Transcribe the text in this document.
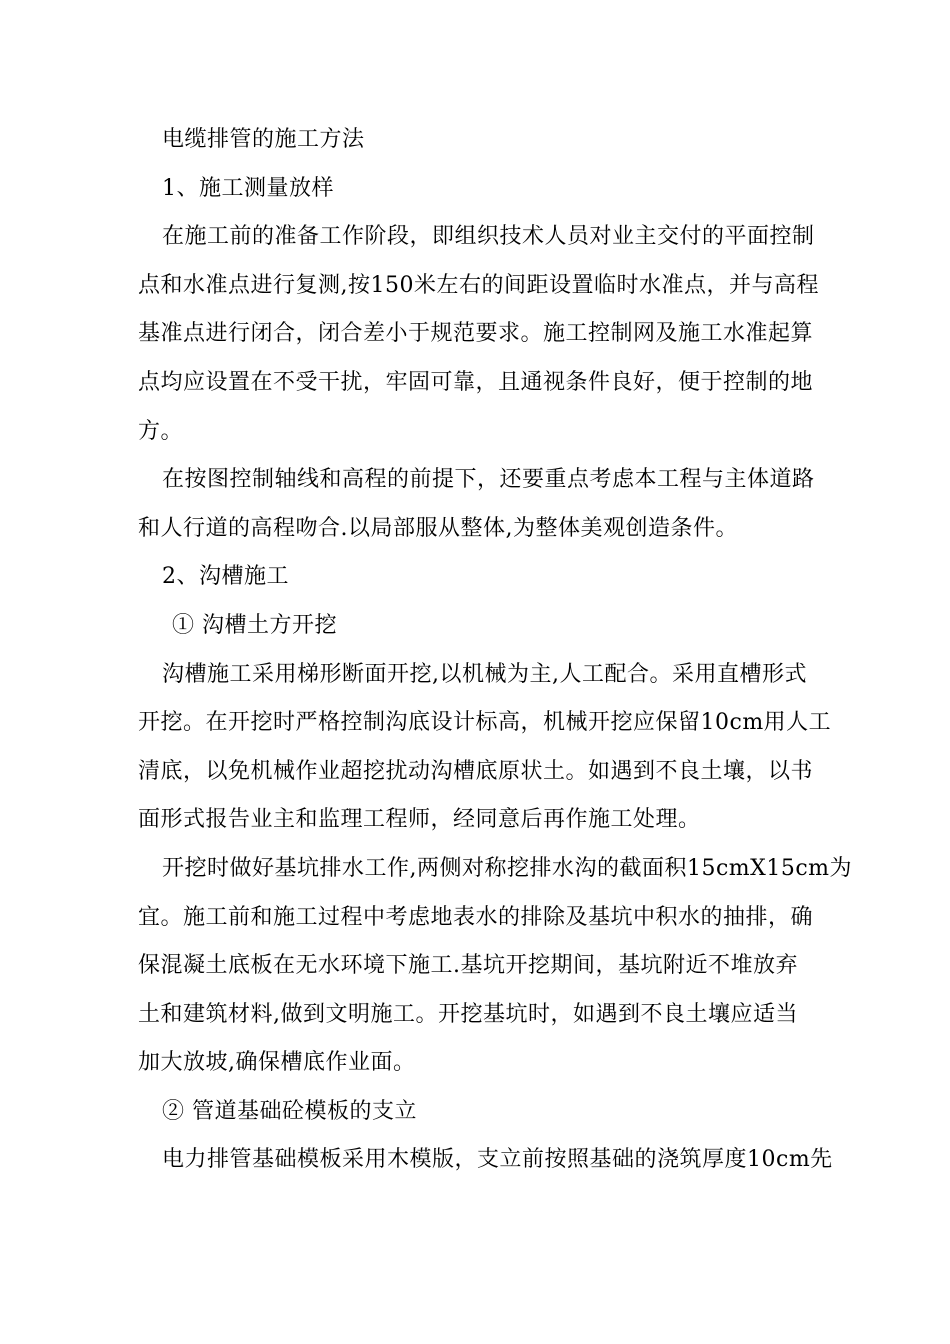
电缆排管的施工方法
1、施工测量放样
在施工前的准备工作阶段，即组织技术人员对业主交付的平面控制
点和水准点进行复测,按150米左右的间距设置临时水准点，并与高程
基准点进行闭合，闭合差小于规范要求。施工控制网及施工水准起算
点均应设置在不受干扰，牢固可靠，且通视条件良好，便于控制的地
方。
在按图控制轴线和高程的前提下，还要重点考虑本工程与主体道路
和人行道的高程吻合.以局部服从整体,为整体美观创造条件。
2、沟槽施工
① 沟槽土方开挖
沟槽施工采用梯形断面开挖,以机械为主,人工配合。采用直槽形式
开挖。在开挖时严格控制沟底设计标高，机械开挖应保留10cm用人工
清底，以免机械作业超挖扰动沟槽底原状土。如遇到不良土壤，以书
面形式报告业主和监理工程师，经同意后再作施工处理。
开挖时做好基坑排水工作,两侧对称挖排水沟的截面积15cmX15cm为
宜。施工前和施工过程中考虑地表水的排除及基坑中积水的抽排，确
保混凝土底板在无水环境下施工.基坑开挖期间，基坑附近不堆放弃
土和建筑材料,做到文明施工。开挖基坑时，如遇到不良土壤应适当
加大放坡,确保槽底作业面。
② 管道基础砼模板的支立
电力排管基础模板采用木模版，支立前按照基础的浇筑厚度10cm先
